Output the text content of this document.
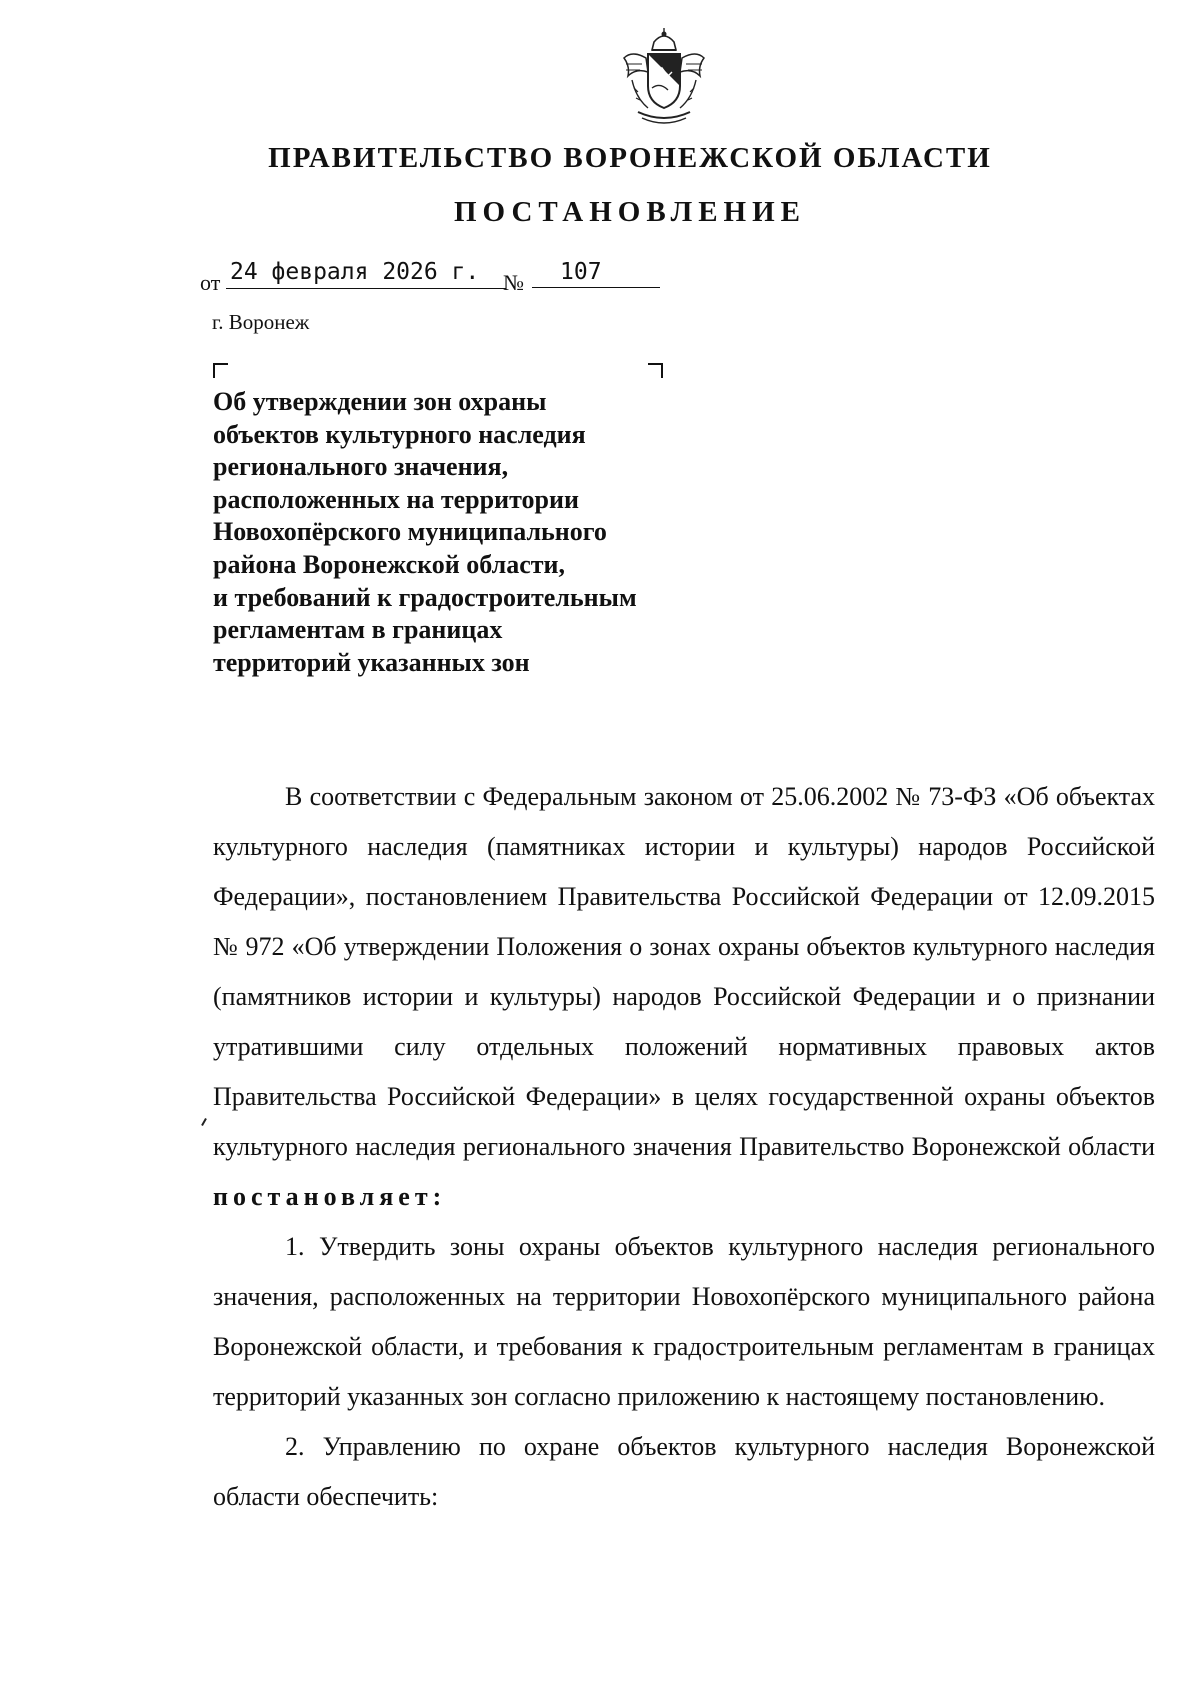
ПРАВИТЕЛЬСТВО ВОРОНЕЖСКОЙ ОБЛАСТИ
ПОСТАНОВЛЕНИЕ
от 24 февраля 2026 г.	№	107
г. Воронеж
Об утверждении зон охраны
объектов культурного наследия
регионального значения,
расположенных на территории
Новохопёрского муниципального
района Воронежской области,
и требований к градостроительным
регламентам в границах
территорий указанных зон

В соответствии с Федеральным законом от 25.06.2002 № 73-ФЗ «Об объектах культурного наследия (памятниках истории и культуры) народов Российской Федерации», постановлением Правительства Российской Федерации от 12.09.2015 № 972 «Об утверждении Положения о зонах охраны объектов культурного наследия (памятников истории и культуры) народов Российской Федерации и о признании утратившими силу отдельных положений нормативных правовых актов Правительства Российской Федерации» в целях государственной охраны объектов культурного наследия регионального значения Правительство Воронежской области постановляет:

1. Утвердить зоны охраны объектов культурного наследия регионального значения, расположенных на территории Новохопёрского муниципального района Воронежской области, и требования к градостроительным регламентам в границах территорий указанных зон согласно приложению к настоящему постановлению.

2. Управлению по охране объектов культурного наследия Воронежской области обеспечить:
